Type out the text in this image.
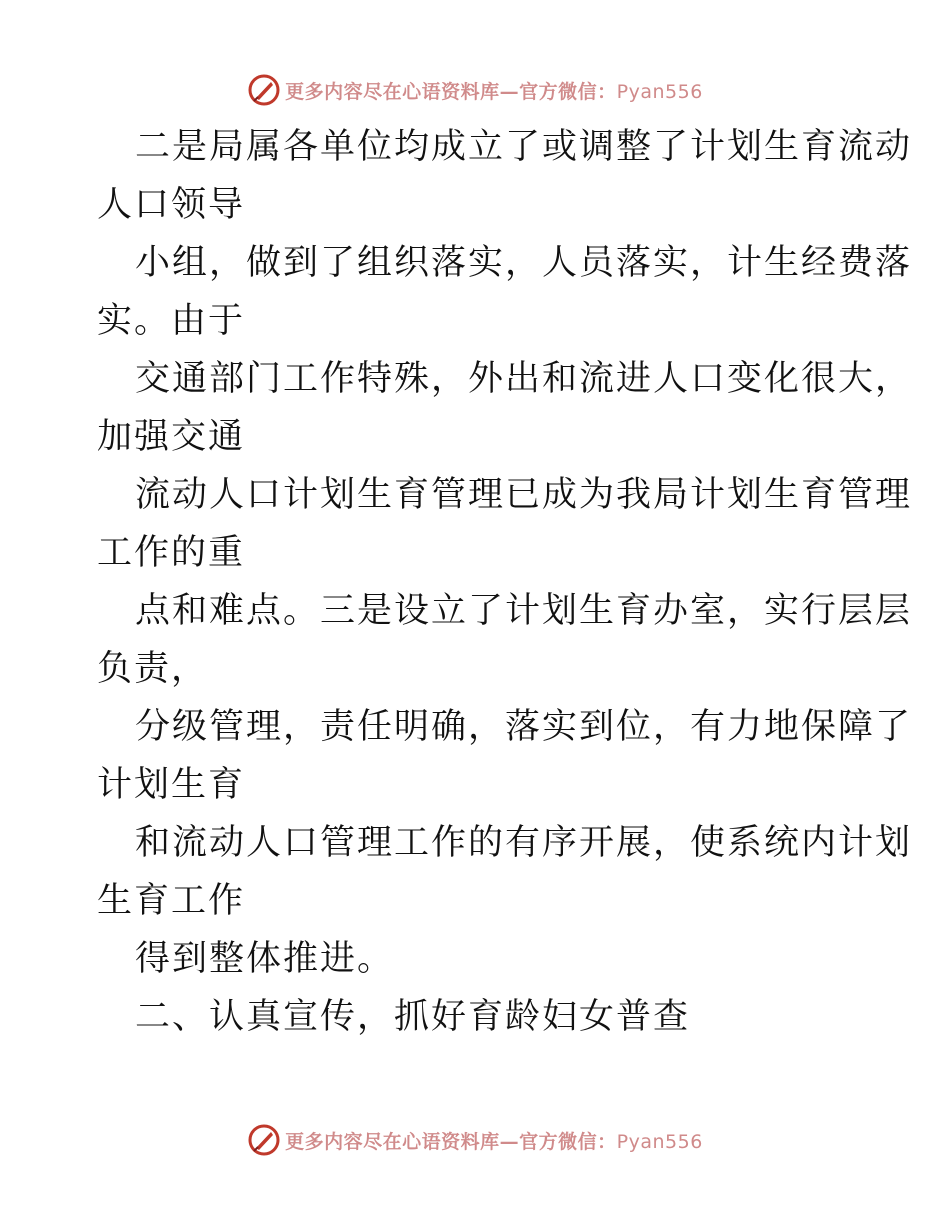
更多内容尽在心语资料库—官方微信：Pyan556
二是局属各单位均成立了或调整了计划生育流动
人口领导
小组，做到了组织落实，人员落实，计生经费落
实。由于
交通部门工作特殊，外出和流进人口变化很大，
加强交通
流动人口计划生育管理已成为我局计划生育管理
工作的重
点和难点。三是设立了计划生育办室，实行层层
负责，
分级管理，责任明确，落实到位，有力地保障了
计划生育
和流动人口管理工作的有序开展，使系统内计划
生育工作
得到整体推进。
二、认真宣传，抓好育龄妇女普查
更多内容尽在心语资料库—官方微信：Pyan556
